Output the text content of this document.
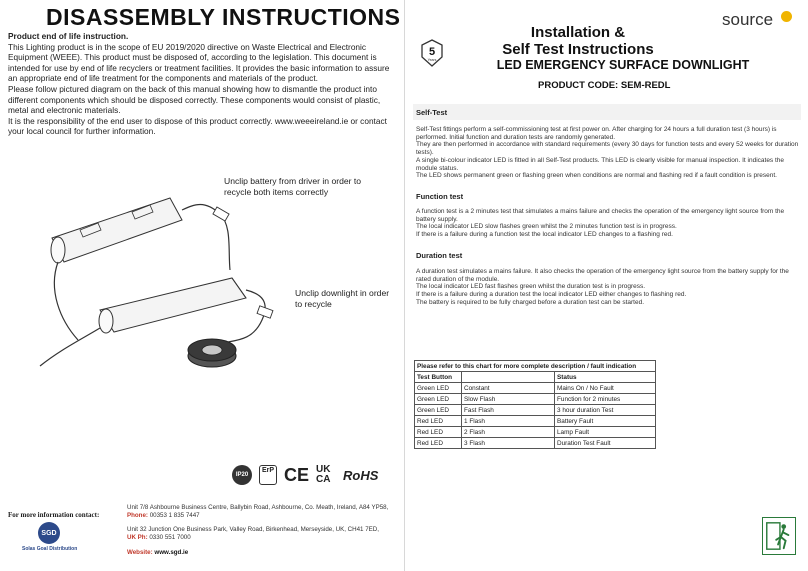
DISASSEMBLY INSTRUCTIONS
Product end of life instruction.
This Lighting product is in the scope of EU 2019/2020 directive on Waste Electrical and Electronic Equipment (WEEE). This product must be disposed of, according to the legislation. This document is intended for use by end of life recyclers or treatment facilities. It provides the basic information to assure an appropriate end of life treatment for the components and materials of the product.
Please follow pictured diagram on the back of this manual showing how to dismantle the product into different components which should be disposed correctly. These components would consist of plastic, metal and electronic materials.
It is the responsibility of the end user to dispose of this product correctly. www.weeeireland.ie or contact your local council for further information.
Unclip battery from driver in order to recycle both items correctly
Unclip downlight in order to recycle
IP20
ErP CE UK CA RoHS
For more information contact:
SGD
Solas Goal Distribution
Unit 7/8 Ashbourne Business Centre, Ballybin Road, Ashbourne, Co. Meath, Ireland, A84 YP58,
Phone: 00353 1 835 7447
Unit 32 Junction One Business Park, Valley Road, Birkenhead, Merseyside, UK, CH41 7ED,
UK Ph: 0330 551 7000
Website: www.sgd.ie
5
Years
Installation &
Self Test Instructions
LED EMERGENCY SURFACE DOWNLIGHT
PRODUCT CODE: SEM-REDL
source
Self-Test
Self-Test fittings perform a self-commissioning test at first power on. After charging for 24 hours a full duration test (3 hours) is performed. Initial function and duration tests are randomly generated.
They are then performed in accordance with standard requirements (every 30 days for function tests and every 52 weeks for duration tests).
A single bi-colour indicator LED is fitted in all Self-Test products. This LED is clearly visible for manual inspection. It indicates the module status.
The LED shows permanent green or flashing green when conditions are normal and flashing red if a fault condition is present.
Function test
A function test is a 2 minutes test that simulates a mains failure and checks the operation of the emergency light source from the battery supply.
The local indicator LED slow flashes green whilst the 2 minutes function test is in progress.
If there is a failure during a function test the local indicator LED changes to a flashing red.
Duration test
A duration test simulates a mains failure. It also checks the operation of the emergency light source from the battery supply for the rated duration of the module.
The local indicator LED fast flashes green whilst the duration test is in progress.
If there is a failure during a duration test the local indicator LED either changes to flashing red.
The battery is required to be fully charged before a duration test can be started.
Please refer to this chart for more complete description / fault indication		
Test Button		Status
Green LED	Constant	Mains On / No Fault
Green LED	Slow Flash	Function for 2 minutes
Green LED	Fast Flash	3 hour duration Test
Red LED	1 Flash	Battery Fault
Red LED	2 Flash	Lamp Fault
Red LED	3 Flash	Duration Test Fault
